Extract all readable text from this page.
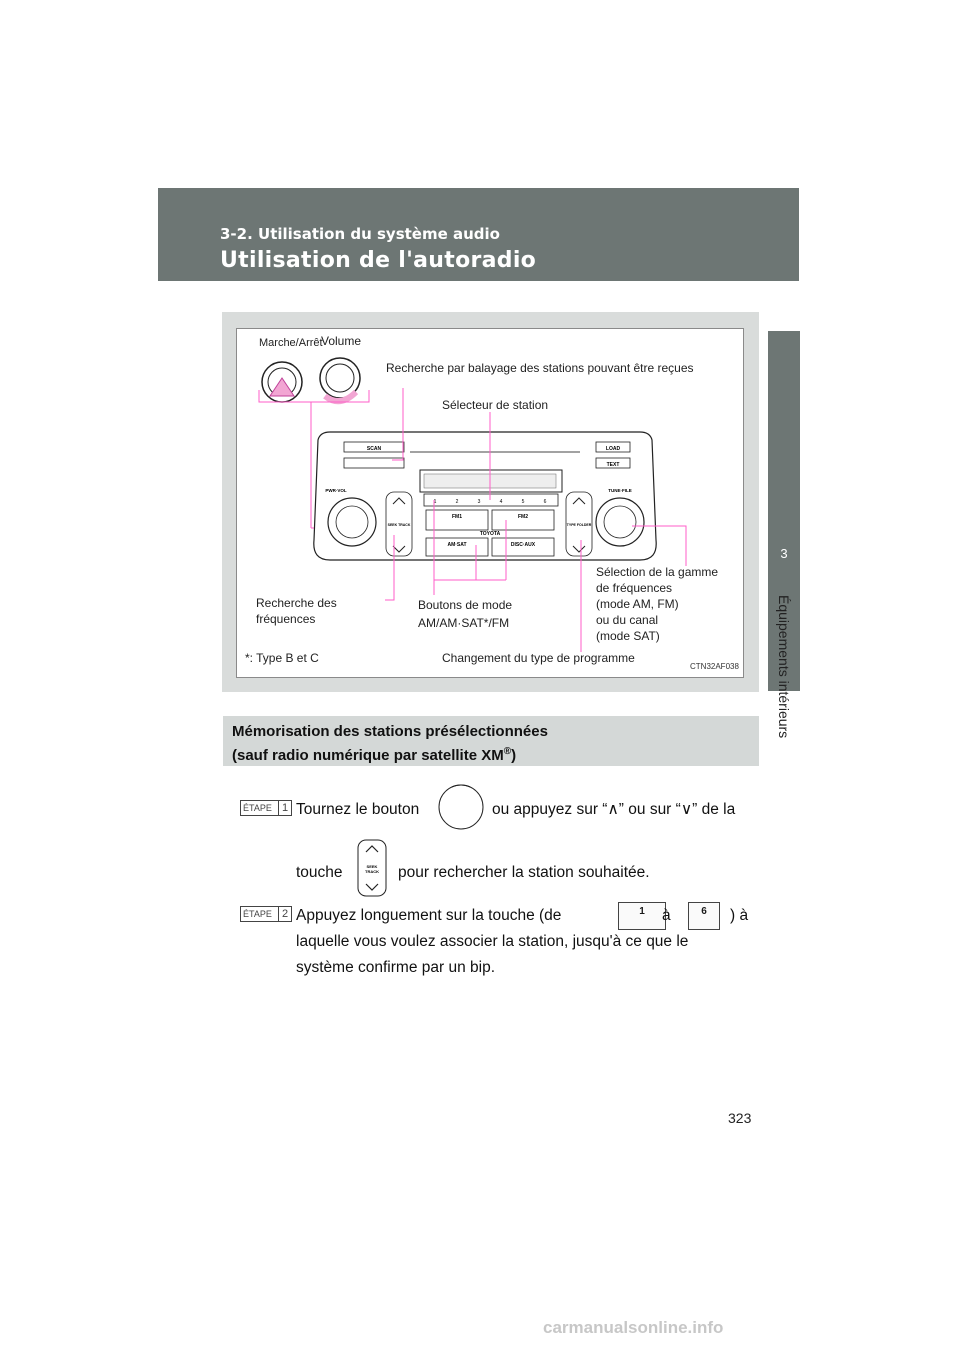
3-2. Utilisation du système audio
Utilisation de l'autoradio
3
Équipements intérieurs
SCAN	LOAD
TEXT
PWR·VOL	TUNE·FILE
FM1	FM2
AM·SAT	DISC·AUX
TOYOTA
SEEK TRACK	TYPE FOLDER
1	2	3	4	5	6
Marche/Arrêt
Volume
Recherche par balayage des stations pouvant être reçues
Sélecteur de station
Recherche des
fréquences
Boutons de mode
AM/AM·SAT*/FM
Sélection de la gamme
de fréquences
(mode AM, FM)
ou du canal
(mode SAT)
*: Type B et C	Changement du type de programme
CTN32AF038
Mémorisation des stations présélectionnées
(sauf radio numérique par satellite XM®)
ÉTAPE 1 Tournez le bouton	ou appuyez sur “∧” ou sur “∨” de la
touche	SEEK
TRACK pour rechercher la station souhaitée.
ÉTAPE 2 Appuyez longuement sur la touche (de	1	à	6	) à
laquelle vous voulez associer la station, jusqu'à ce que le
système confirme par un bip.
323
carmanualsonline.info
